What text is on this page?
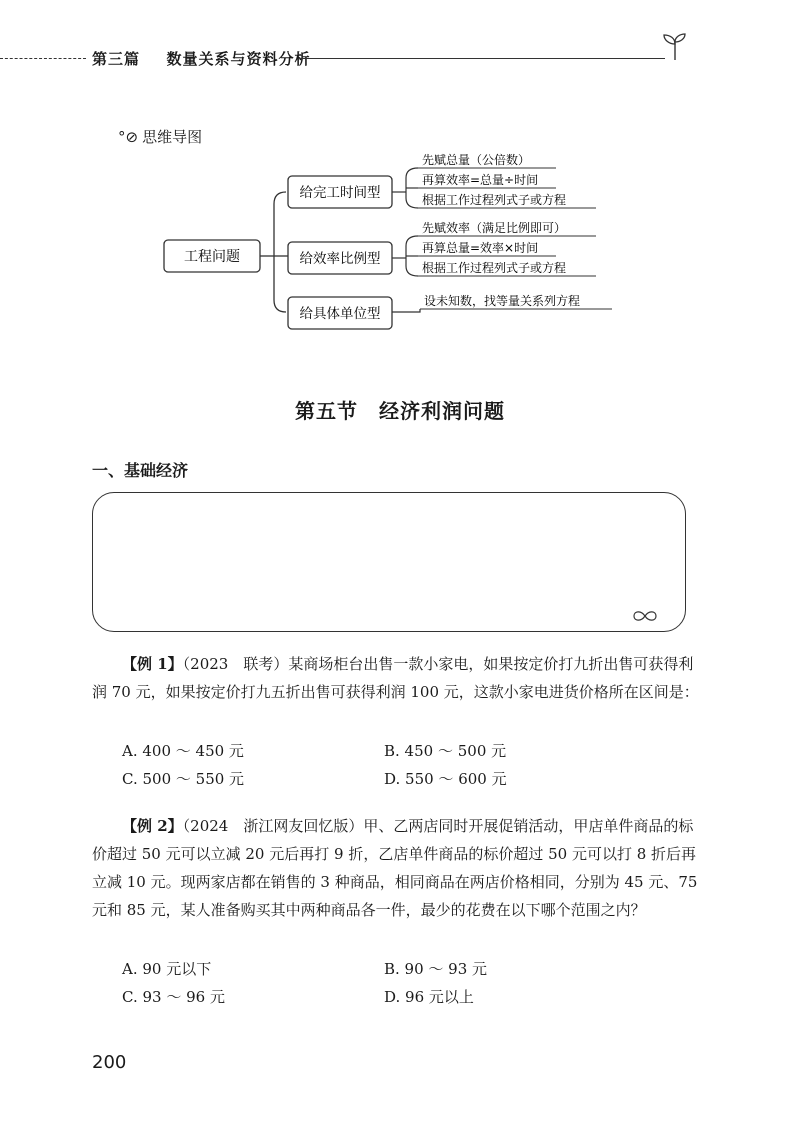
第三篇 数量关系与资料分析
°⊘ 思维导图
工程问题
给完工时间型
先赋总量（公倍数）
再算效率=总量÷时间
根据工作过程列式子或方程
给效率比例型
先赋效率（满足比例即可）
再算总量=效率×时间
根据工作过程列式子或方程
给具体单位型
设未知数，找等量关系列方程
第五节　经济利润问题
一、基础经济
【例 1】（2023　联考）某商场柜台出售一款小家电，如果按定价打九折出售可获得利润 70 元，如果按定价打九五折出售可获得利润 100 元，这款小家电进货价格所在区间是：
A. 400 ～ 450 元	B. 450 ～ 500 元
C. 500 ～ 550 元	D. 550 ～ 600 元
【例 2】（2024　浙江网友回忆版）甲、乙两店同时开展促销活动，甲店单件商品的标价超过 50 元可以立减 20 元后再打 9 折，乙店单件商品的标价超过 50 元可以打 8 折后再立减 10 元。现两家店都在销售的 3 种商品，相同商品在两店价格相同，分别为 45 元、75 元和 85 元，某人准备购买其中两种商品各一件，最少的花费在以下哪个范围之内？
A. 90 元以下	B. 90 ～ 93 元
C. 93 ～ 96 元	D. 96 元以上
200
